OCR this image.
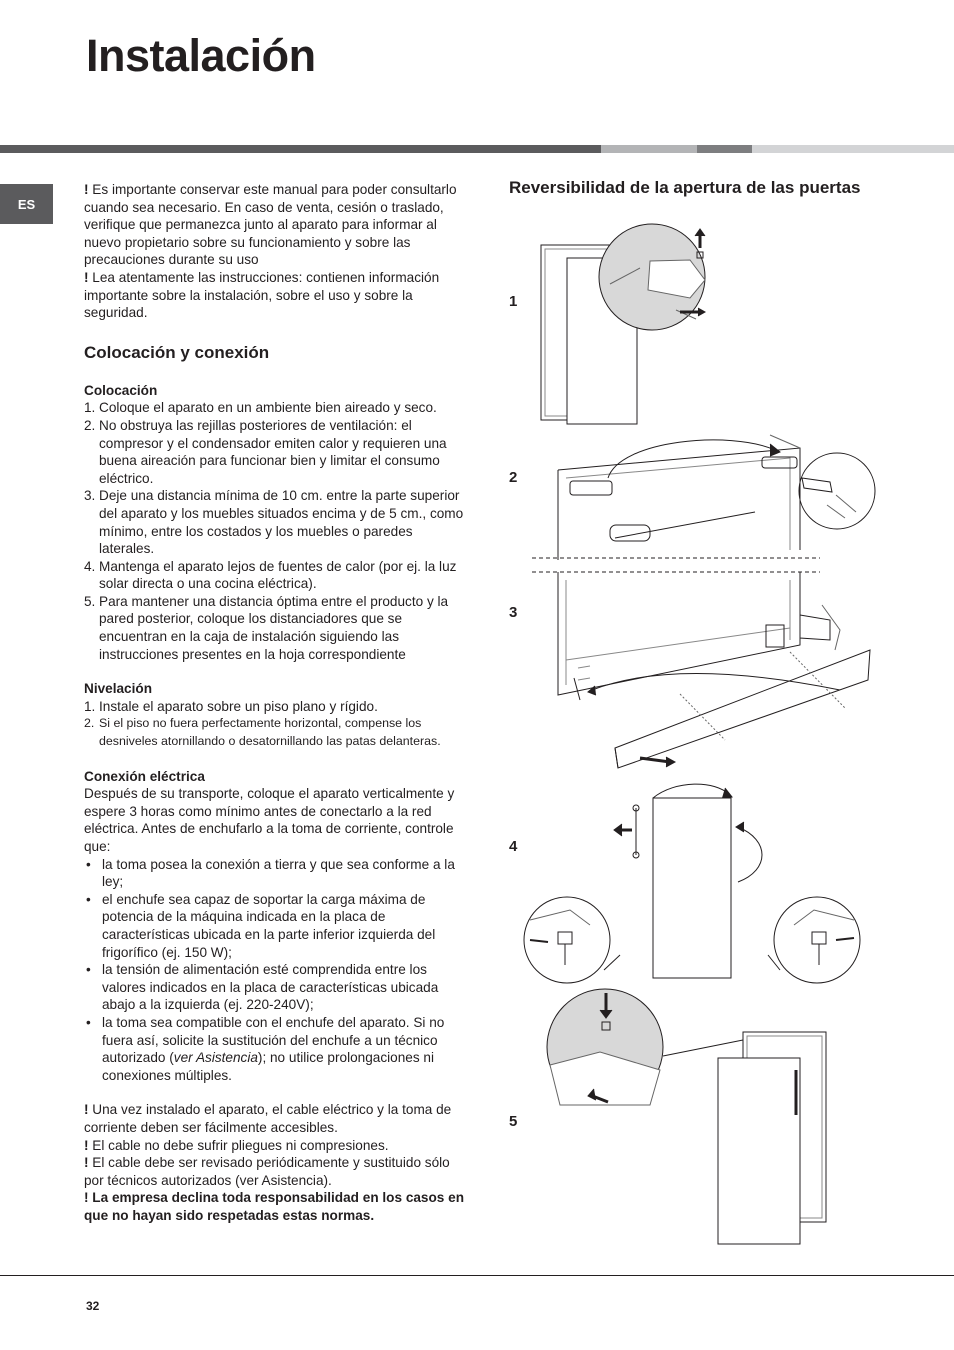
Instalación
ES

! Es importante conservar este manual para poder consultarlo cuando sea necesario. En caso de venta, cesión o traslado, verifique que permanezca junto al aparato para informar al nuevo propietario sobre su funcionamiento y sobre las precauciones durante su uso

! Lea atentamente las instrucciones: contienen información importante sobre la instalación, sobre el uso y sobre la seguridad.

Colocación y conexión
Colocación
1. Coloque el aparato en un ambiente bien aireado y seco.
2. No obstruya las rejillas posteriores de ventilación: el compresor y el condensador emiten calor y requieren una buena aireación para funcionar bien y limitar el consumo eléctrico.
3. Deje una distancia mínima de 10 cm. entre la parte superior del aparato y los muebles situados encima y de 5 cm., como mínimo, entre los costados y los muebles o paredes laterales.
4. Mantenga el aparato lejos de fuentes de calor (por ej. la luz solar directa o una cocina eléctrica).
5. Para mantener una distancia óptima entre el producto y la pared posterior, coloque los distanciadores que se encuentran en la caja de instalación siguiendo las instrucciones presentes en la hoja correspondiente
Nivelación
1. Instale el aparato sobre un piso plano y rígido.
2. Si el piso no fuera perfectamente horizontal, compense los desniveles atornillando o desatornillando las patas delanteras.
Conexión eléctrica

Después de su transporte, coloque el aparato verticalmente y espere 3 horas como mínimo antes de conectarlo a la red eléctrica. Antes de enchufarlo a la toma de corriente, controle que:

• la toma posea la conexión a tierra y que sea conforme a la ley;
• el enchufe sea capaz de soportar la carga máxima de potencia de la máquina indicada en la placa de características ubicada en la parte inferior izquierda del frigorífico (ej. 150 W);
• la tensión de alimentación esté comprendida entre los valores indicados en la placa de características ubicada abajo a la izquierda (ej. 220-240V);
• la toma sea compatible con el enchufe del aparato. Si no fuera así, solicite la sustitución del enchufe a un técnico autorizado (ver Asistencia); no utilice prolongaciones ni conexiones múltiples.

! Una vez instalado el aparato, el cable eléctrico y la toma de corriente deben ser fácilmente accesibles.

! El cable no debe sufrir pliegues ni compresiones.

! El cable debe ser revisado periódicamente y sustituido sólo por técnicos autorizados (ver Asistencia).

! La empresa declina toda responsabilidad en los casos en que no hayan sido respetadas estas normas.

Reversibilidad de la apertura de las puertas
1
2
3
4
5
32
